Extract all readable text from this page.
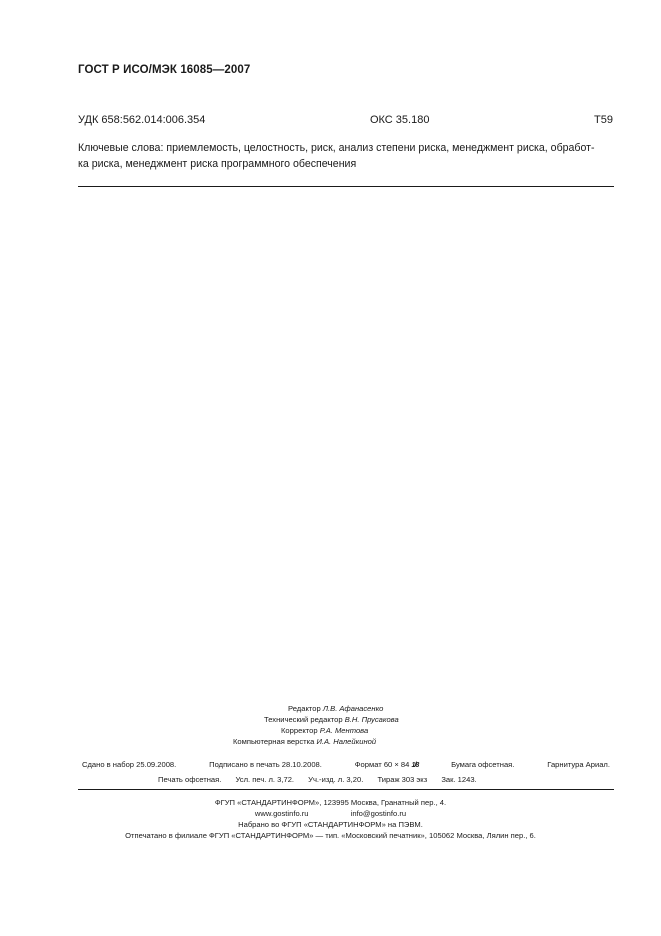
ГОСТ Р ИСО/МЭК 16085—2007
УДК 658:562.014:006.354	ОКС 35.180	Т59
Ключевые слова: приемлемость, целостность, риск, анализ степени риска, менеджмент риска, обработ-
ка риска, менеджмент риска программного обеспечения
Редактор Л.В. Афанасенко
Технический редактор В.Н. Прусакова
Корректор Р.А. Ментова
Компьютерная верстка И.А. Налейкиной
Сдано в набор 25.09.2008.	Подписано в печать 28.10.2008.	Формат 60 × 84 1/8	Бумага офсетная.	Гарнитура Ариал.
Печать офсетная. Усл. печ. л. 3,72. Уч.-изд. л. 3,20. Тираж 303 экз Зак. 1243.
ФГУП «СТАНДАРТИНФОРМ», 123995 Москва, Гранатный пер., 4.
www.gostinfo.ru	info@gostinfo.ru
Набрано во ФГУП «СТАНДАРТИНФОРМ» на ПЭВМ.
Отпечатано в филиале ФГУП «СТАНДАРТИНФОРМ» — тип. «Московский печатник», 105062 Москва, Лялин пер., 6.
